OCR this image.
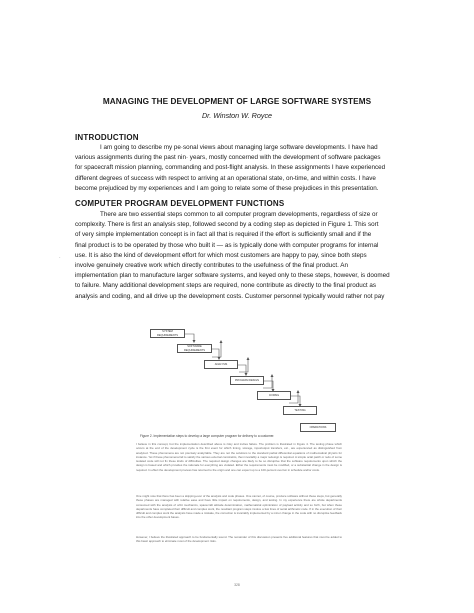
MANAGING THE DEVELOPMENT OF LARGE SOFTWARE SYSTEMS
Dr. Winston W. Royce
INTRODUCTION
I am going to describe my pe·sonal views about managing large software developments. I have had
various assignments during the past nin· years, mostly concerned with the development of software packages
for spacecraft mission planning, commanding and post-flight analysis. In these assignments I have experienced
different degrees of success with respect to arriving at an operational state, on-time, and within costs. I have
become prejudiced by my experiences and I am going to relate some of these prejudices in this presentation.
COMPUTER PROGRAM DEVELOPMENT FUNCTIONS
There are two essential steps common to all computer program developments, regardless of size or
complexity. There is first an analysis step, followed second by a coding step as depicted in Figure 1. This sort
of very simple implementation concept is in fact all that is required if the effort is sufficiently small and if the
final product is to be operated by those who built it — as is typically done with computer programs for internal
use. It is also the kind of development effort for which most customers are happy to pay, since both steps
involve genuinely creative work which directly contributes to the usefulness of the final product. An
implementation plan to manufacture larger software systems, and keyed only to these steps, however, is doomed
to failure. Many additional development steps are required, none contribute as directly to the final product as
analysis and coding, and all drive up the development costs. Customer personnel typically would rather not pay
·
SYSTEM REQUIREMENTS
SOFTWARE REQUIREMENTS
ANALYSIS
PROGRAM DESIGN
CODING
TESTING
OPERATIONS
Figure 2. Implementation steps to develop a large computer program for delivery to a customer.

I believe in this concept, but the implementation described above is risky and invites failure. The problem is illustrated in Figure 4. The testing phase which occurs at the end of the development cycle is the first event for which timing, storage, input/output transfers, etc., are experienced as distinguished from analyzed. These phenomena are not precisely analyzable. They are not the solutions to the standard partial differential equations of mathematical physics for instance. Yet if these phenomena fail to satisfy the various external constraints, then invariably a major redesign is required. A simple octal patch or redo of some isolated code will not fix these kinds of difficulties. The required design changes are likely to be so disruptive that the software requirements upon which the design is based and which provides the rationale for everything are violated. Either the requirements must be modified, or a substantial change in the design is required. In effect the development process has returned to the origin and one can expect up to a 100-percent overrun in schedule and/or costs.

One might note that there has been a skipping-over of the analysis and code phases. One cannot, of course, produce software without these steps, but generally these phases are managed with relative ease and have little impact on requirements, design, and testing. In my experience there are whole departments consumed with the analysis of orbit mechanics, spacecraft attitude determination, mathematical optimization of payload activity and so forth, but when these departments have completed their difficult and complex work, the resultant program steps involve a few lines of serial arithmetic code. If in the execution of their difficult and complex work the analysts have made a mistake, the correction is invariably implemented by a minor change in the code with no disruptive feedback into the other development bases.

However, I believe the illustrated approach to be fundamentally sound. The remainder of this discussion presents five additional features that must be added to this basic approach to eliminate most of the development risks.

328
